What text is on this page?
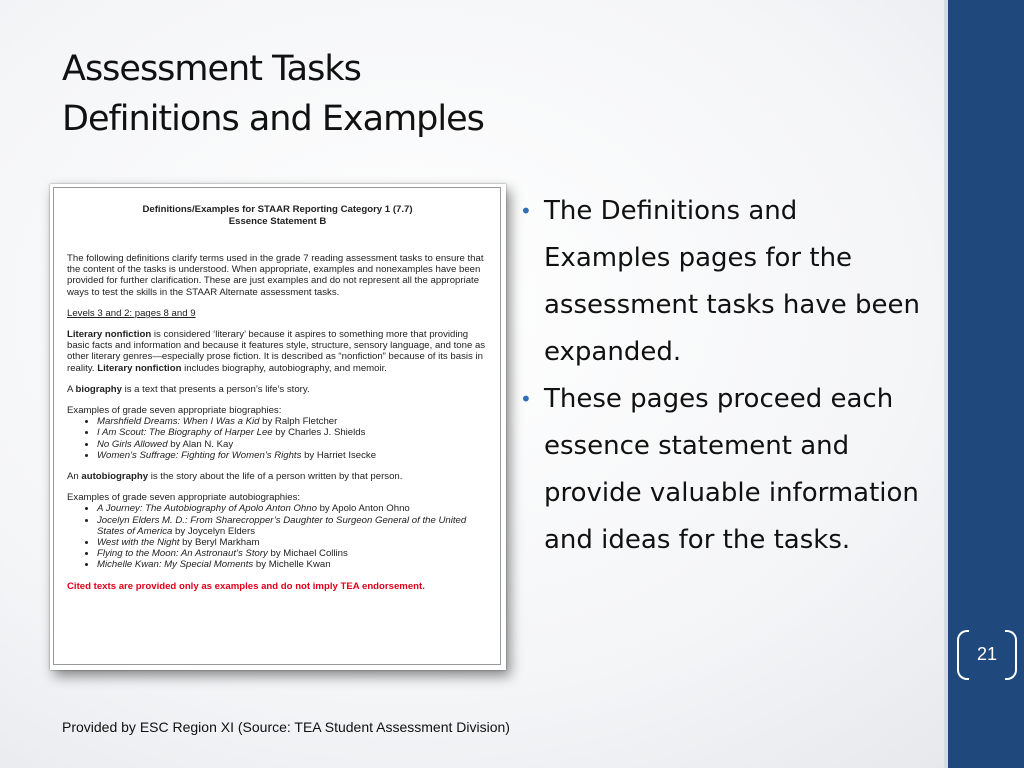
Assessment Tasks
Definitions and Examples
Definitions/Examples for STAAR Reporting Category 1 (7.7)
Essence Statement B

The following definitions clarify terms used in the grade 7 reading assessment tasks to ensure that the content of the tasks is understood. When appropriate, examples and nonexamples have been provided for further clarification. These are just examples and do not represent all the appropriate ways to test the skills in the STAAR Alternate assessment tasks.

Levels 3 and 2: pages 8 and 9

Literary nonfiction is considered ‘literary’ because it aspires to something more that providing basic facts and information and because it features style, structure, sensory language, and tone as other literary genres—especially prose fiction. It is described as “nonfiction” because of its basis in reality. Literary nonfiction includes biography, autobiography, and memoir.

A biography is a text that presents a person’s life’s story.

Examples of grade seven appropriate biographies:
• Marshfield Dreams: When I Was a Kid by Ralph Fletcher
• I Am Scout: The Biography of Harper Lee by Charles J. Shields
• No Girls Allowed by Alan N. Kay
• Women’s Suffrage: Fighting for Women’s Rights by Harriet Isecke

An autobiography is the story about the life of a person written by that person.

Examples of grade seven appropriate autobiographies:
• A Journey: The Autobiography of Apolo Anton Ohno by Apolo Anton Ohno
• Jocelyn Elders M. D.: From Sharecropper’s Daughter to Surgeon General of the United States of America by Joycelyn Elders
• West with the Night by Beryl Markham
• Flying to the Moon: An Astronaut’s Story by Michael Collins
• Michelle Kwan: My Special Moments by Michelle Kwan
Cited texts are provided only as examples and do not imply TEA endorsement.
• The Definitions and Examples pages for the assessment tasks have been expanded.
• These pages proceed each essence statement and provide valuable information and ideas for the tasks.
Provided by ESC Region XI (Source: TEA Student Assessment Division)
21
